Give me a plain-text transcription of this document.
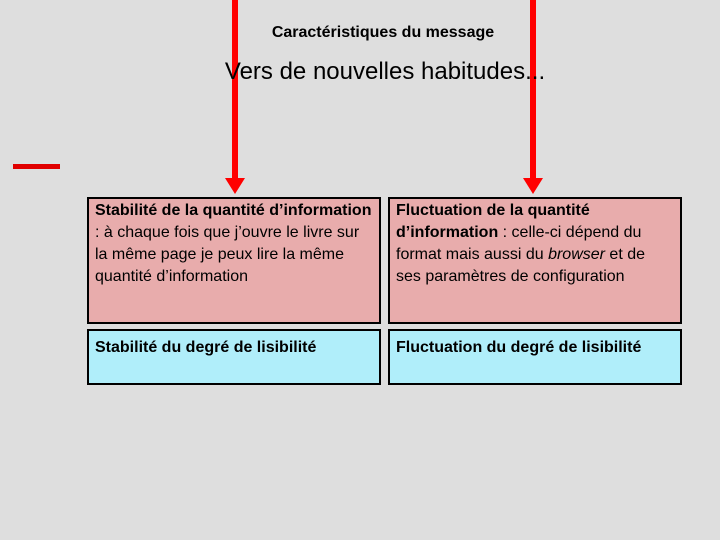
Caractéristiques du message
Vers de nouvelles habitudes...
Stabilité de la quantité d’information : à chaque fois que j’ouvre le livre sur la même page je peux lire la même quantité d’information
Fluctuation de la quantité d’information : celle-ci dépend du format mais aussi du browser et de ses paramètres de configuration
Stabilité du degré de lisibilité	Fluctuation du degré de lisibilité
